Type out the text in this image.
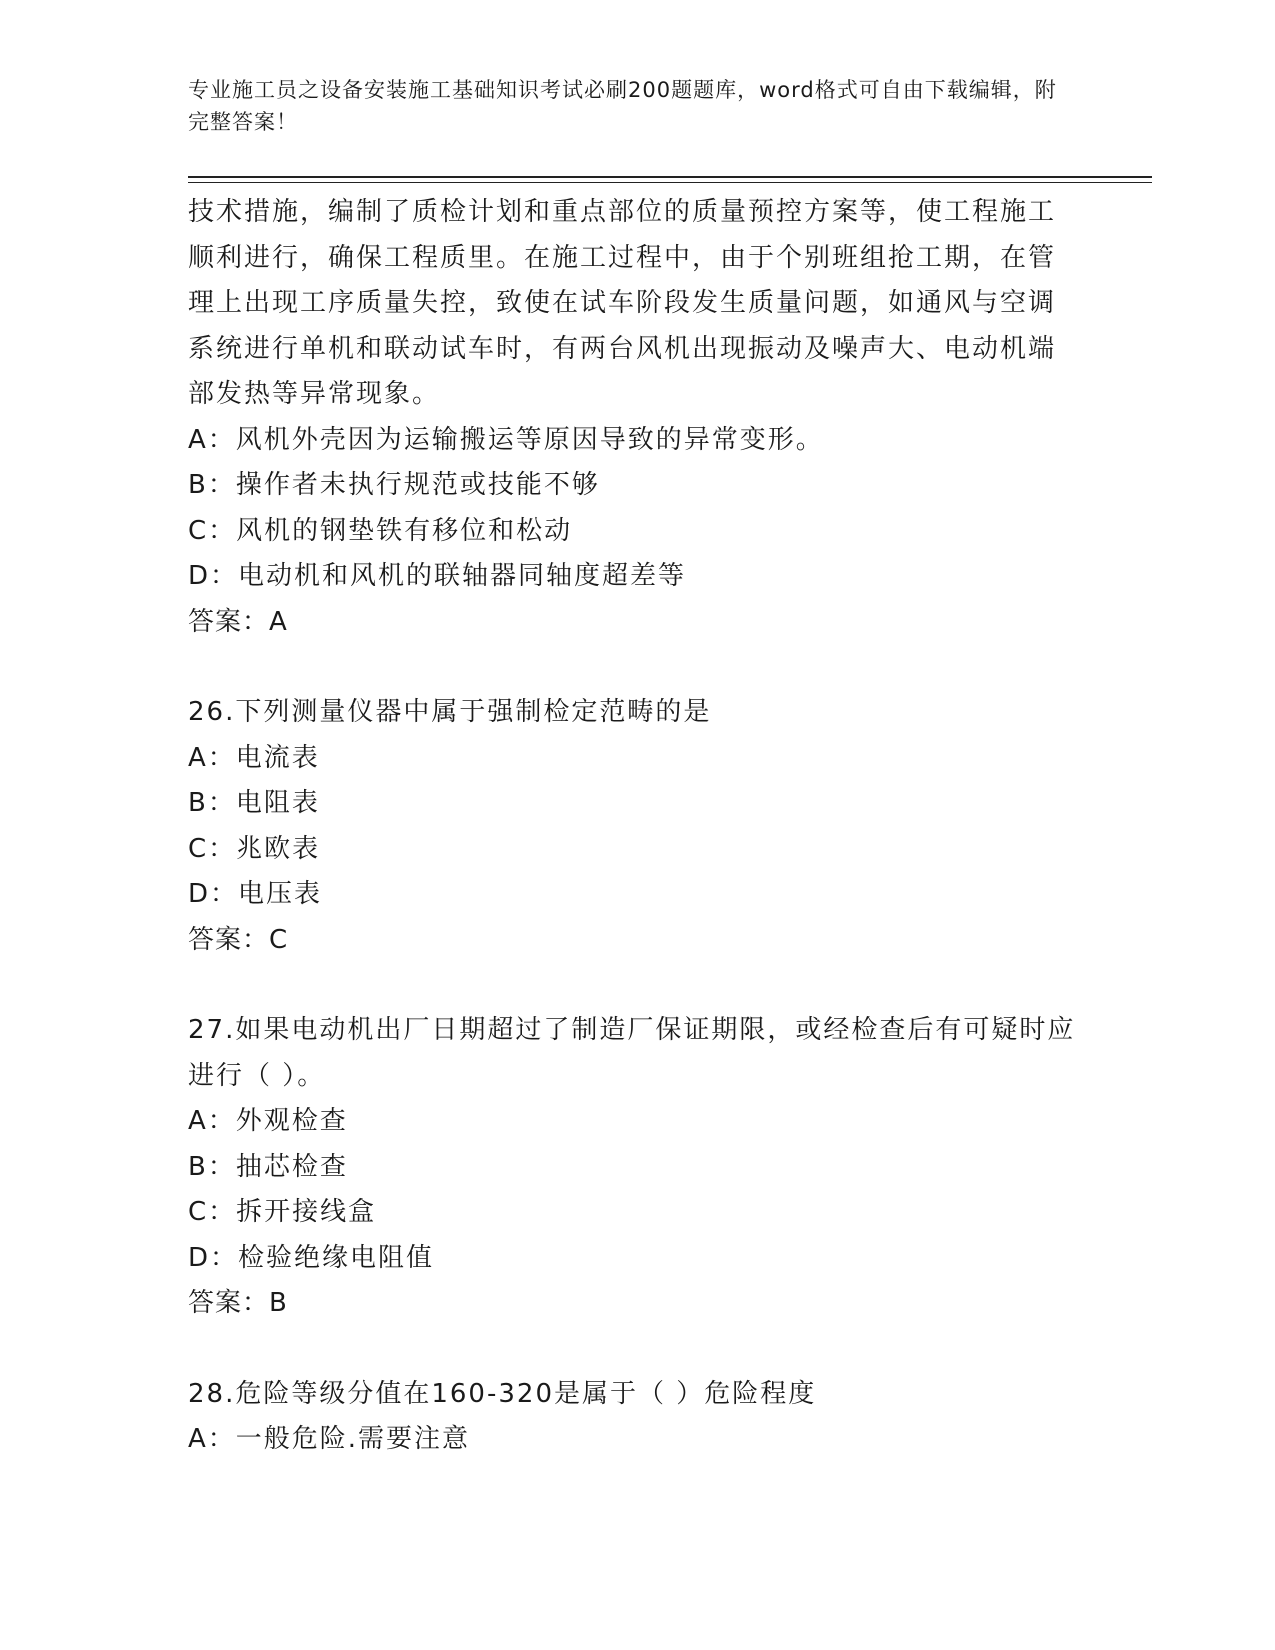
专业施工员之设备安装施工基础知识考试必刷200题题库，word格式可自由下载编辑，附完整答案！
技术措施，编制了质检计划和重点部位的质量预控方案等，使工程施工顺利进行，确保工程质里。在施工过程中，由于个别班组抢工期，在管理上出现工序质量失控，致使在试车阶段发生质量问题，如通风与空调系统进行单机和联动试车时，有两台风机出现振动及噪声大、电动机端部发热等异常现象。
A：风机外壳因为运输搬运等原因导致的异常变形。
B：操作者未执行规范或技能不够
C：风机的钢垫铁有移位和松动
D：电动机和风机的联轴器同轴度超差等
答案：A
26.下列测量仪器中属于强制检定范畴的是
A：电流表
B：电阻表
C：兆欧表
D：电压表
答案：C
27.如果电动机出厂日期超过了制造厂保证期限，或经检查后有可疑时应进行（ ）。
A：外观检查
B：抽芯检查
C：拆开接线盒
D：检验绝缘电阻值
答案：B
28.危险等级分值在160-320是属于（ ）危险程度
A：一般危险.需要注意
